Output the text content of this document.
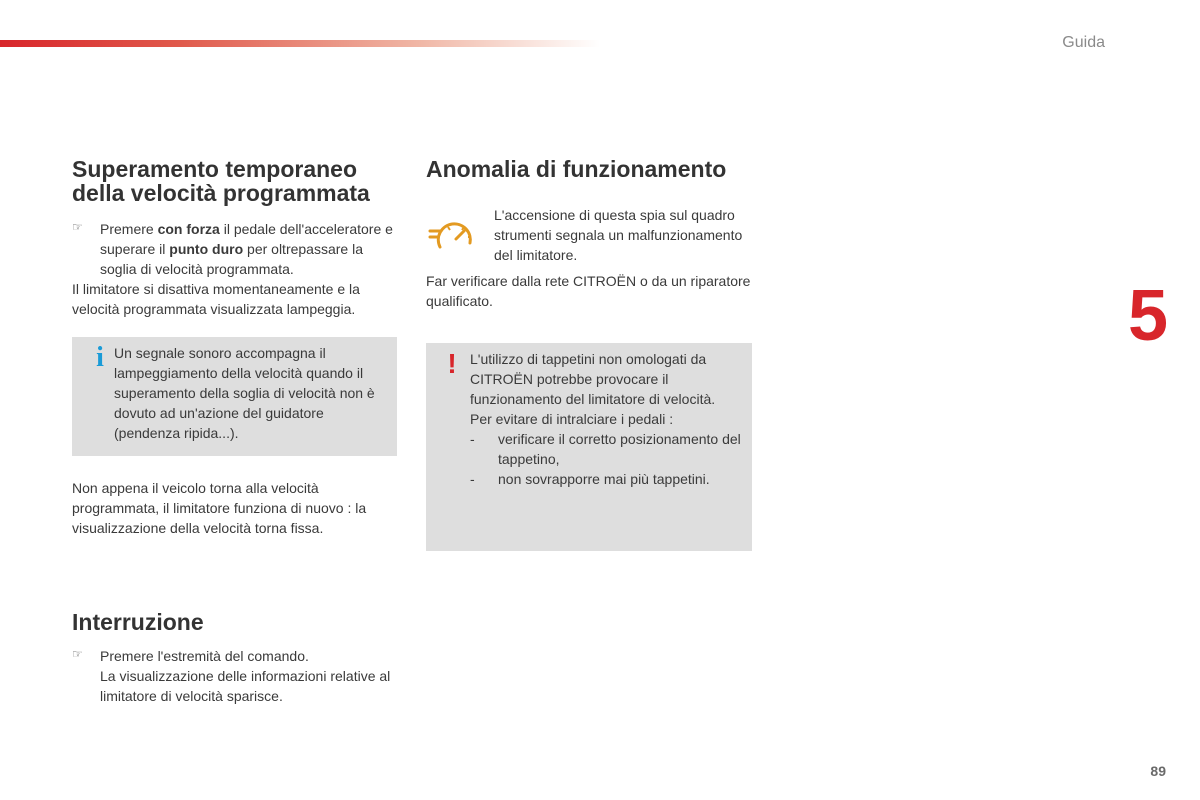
Guida
5
89
Superamento temporaneo
della velocità programmata
☞	Premere con forza il pedale dell'acceleratore e superare il punto duro per oltrepassare la soglia di velocità programmata.

Il limitatore si disattiva momentaneamente e la velocità programmata visualizzata lampeggia.

i Un segnale sonoro accompagna il lampeggiamento della velocità quando il superamento della soglia di velocità non è dovuto ad un'azione del guidatore (pendenza ripida...).

Non appena il veicolo torna alla velocità programmata, il limitatore funziona di nuovo : la visualizzazione della velocità torna fissa.

Interruzione
☞	Premere l'estremità del comando.
La visualizzazione delle informazioni relative al limitatore di velocità sparisce.
Anomalia di funzionamento
L'accensione di questa spia sul quadro strumenti segnala un malfunzionamento del limitatore.

Far verificare dalla rete CITROËN o da un riparatore qualificato.

! L'utilizzo di tappetini non omologati da CITROËN potrebbe provocare il funzionamento del limitatore di velocità.
Per evitare di intralciare i pedali :
-	verificare il corretto posizionamento del tappetino,
-	non sovrapporre mai più tappetini.
